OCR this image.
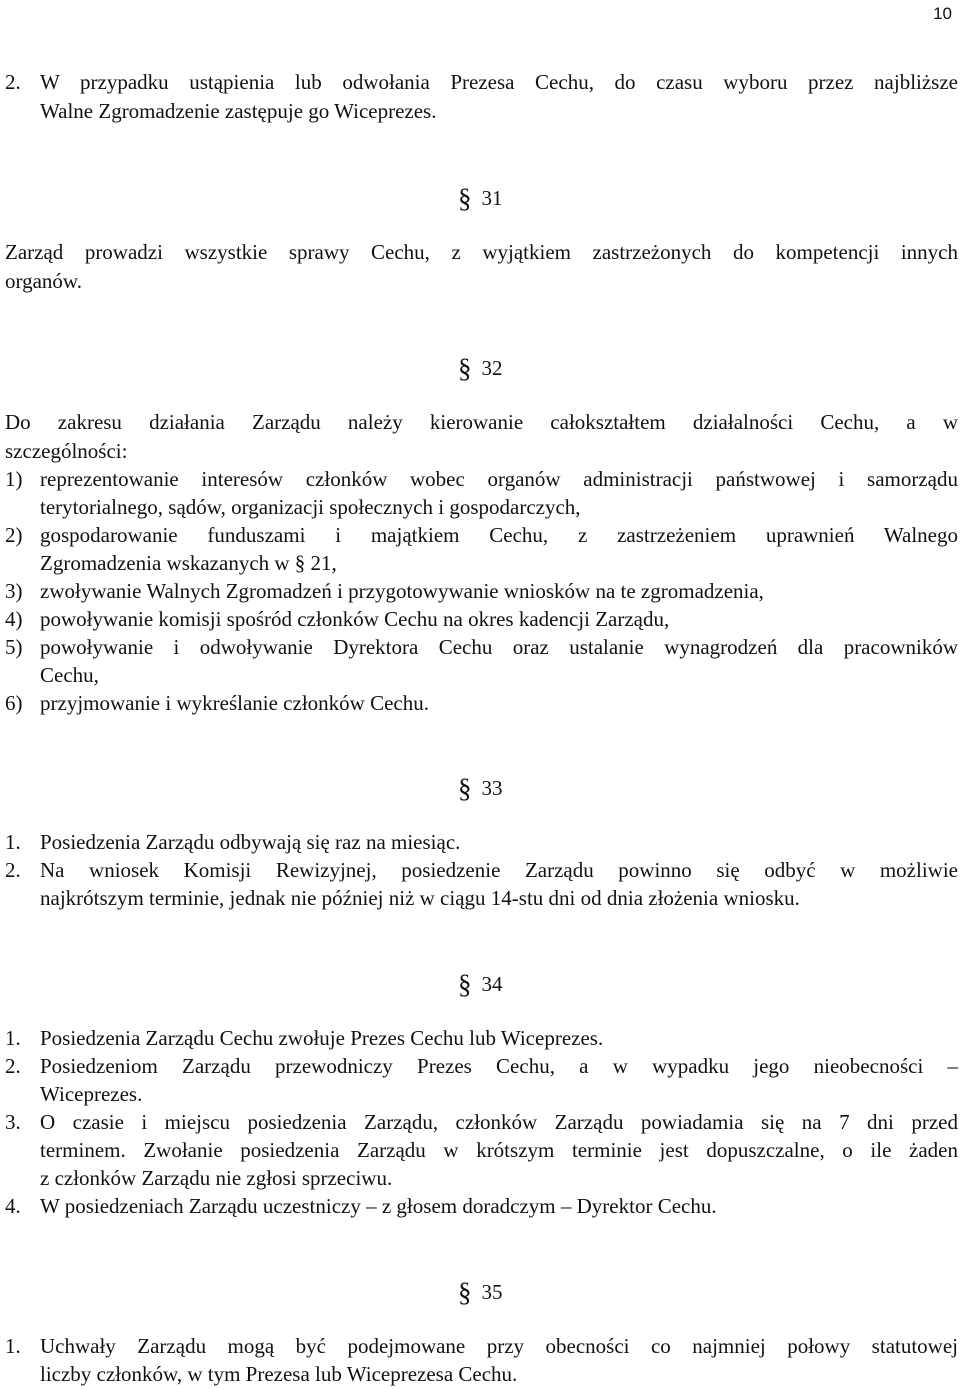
10
2. W przypadku ustąpienia lub odwołania Prezesa Cechu, do czasu wyboru przez najbliższe
Walne Zgromadzenie zastępuje go Wiceprezes.
§ 31
Zarząd prowadzi wszystkie sprawy Cechu, z wyjątkiem zastrzeżonych do kompetencji innych
organów.
§ 32
Do zakresu działania Zarządu należy kierowanie całokształtem działalności Cechu, a w
szczególności:
1) reprezentowanie interesów członków wobec organów administracji państwowej i samorządu
terytorialnego, sądów, organizacji społecznych i gospodarczych,
2) gospodarowanie funduszami i majątkiem Cechu, z zastrzeżeniem uprawnień Walnego
Zgromadzenia wskazanych w § 21,
3) zwoływanie Walnych Zgromadzeń i przygotowywanie wniosków na te zgromadzenia,
4) powoływanie komisji spośród członków Cechu na okres kadencji Zarządu,
5) powoływanie i odwoływanie Dyrektora Cechu oraz ustalanie wynagrodzeń dla pracowników
Cechu,
6) przyjmowanie i wykreślanie członków Cechu.
§ 33
1. Posiedzenia Zarządu odbywają się raz na miesiąc.
2. Na wniosek Komisji Rewizyjnej, posiedzenie Zarządu powinno się odbyć w możliwie
najkrótszym terminie, jednak nie później niż w ciągu 14-stu dni od dnia złożenia wniosku.
§ 34
1. Posiedzenia Zarządu Cechu zwołuje Prezes Cechu lub Wiceprezes.
2. Posiedzeniom Zarządu przewodniczy Prezes Cechu, a w wypadku jego nieobecności –
Wiceprezes.
3. O czasie i miejscu posiedzenia Zarządu, członków Zarządu powiadamia się na 7 dni przed
terminem. Zwołanie posiedzenia Zarządu w krótszym terminie jest dopuszczalne, o ile żaden
z członków Zarządu nie zgłosi sprzeciwu.
4. W posiedzeniach Zarządu uczestniczy – z głosem doradczym – Dyrektor Cechu.
§ 35
1. Uchwały Zarządu mogą być podejmowane przy obecności co najmniej połowy statutowej
liczby członków, w tym Prezesa lub Wiceprezesa Cechu.
